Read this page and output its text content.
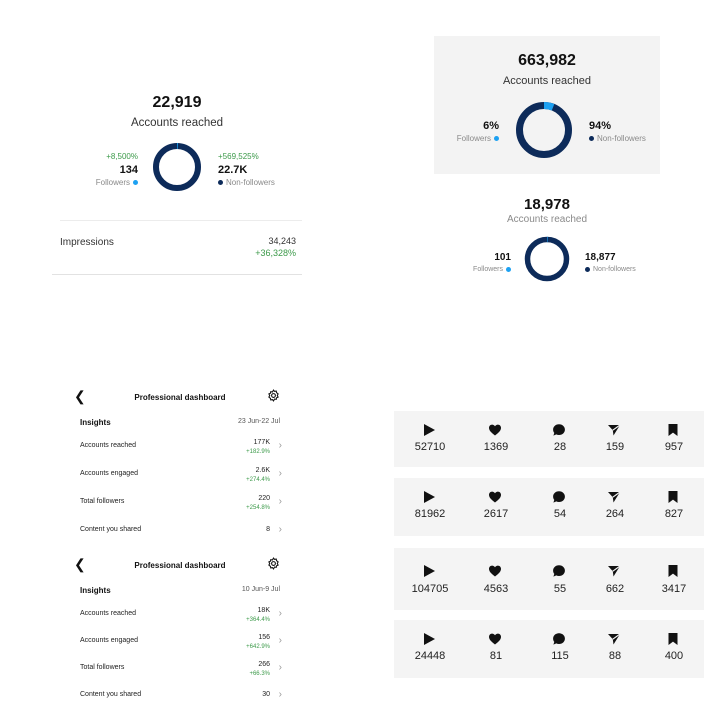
22,919
Accounts reached
+8,500%
134
Followers
+569,525%
22.7K
Non-followers
Impressions	34,243
+36,328%
663,982
Accounts reached
6%
Followers
94%
Non-followers
18,978
Accounts reached
101
Followers
18,877
Non-followers
❮	Professional dashboard
Insights	23 Jun-22 Jul
Accounts reached	177K
+182.9%
›
Accounts engaged	2.6K
+274.4%
›
Total followers	220
+254.8%
›
Content you shared	8 ›
❮	Professional dashboard
Insights	10 Jun-9 Jul
Accounts reached	18K
+364.4%
›
Accounts engaged	156
+642.9%
›
Total followers	266
+66.3%
›
Content you shared	30 ›
52710	1369	28	159	957
81962	2617	54	264	827
104705	4563	55	662	3417
24448	81	115	88	400
